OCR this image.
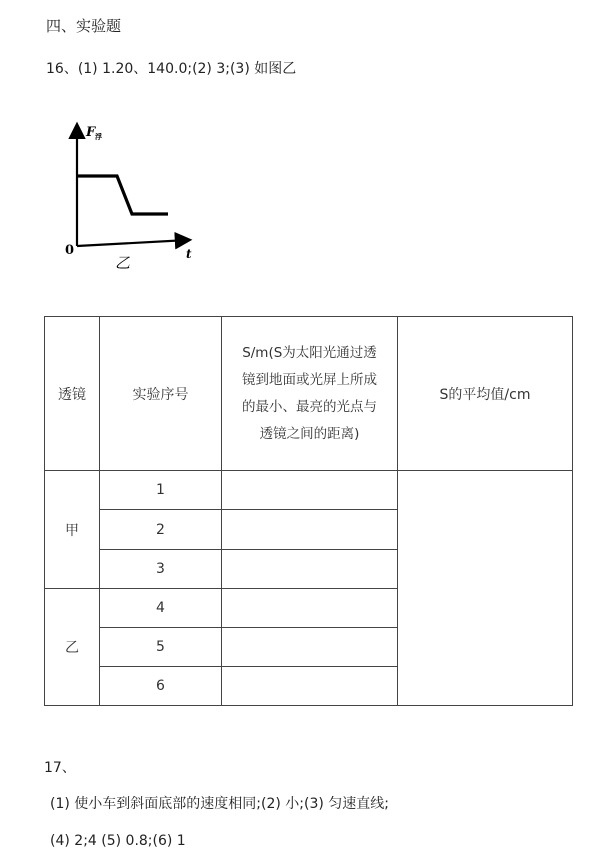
四、实验题
16、(1) 1.20、140.0;(2) 3;(3) 如图乙
F 浮
0	t
乙
透镜	实验序号	S/m(S为太阳光通过透
镜到地面或光屏上所成
的最小、最亮的光点与
透镜之间的距离)	S的平均值/cm
甲	1		
	2		
	3		
乙	4		
	5		
	6		
17、
(1) 使小车到斜面底部的速度相同;(2) 小;(3) 匀速直线;
(4) 2;4 (5) 0.8;(6) 1
